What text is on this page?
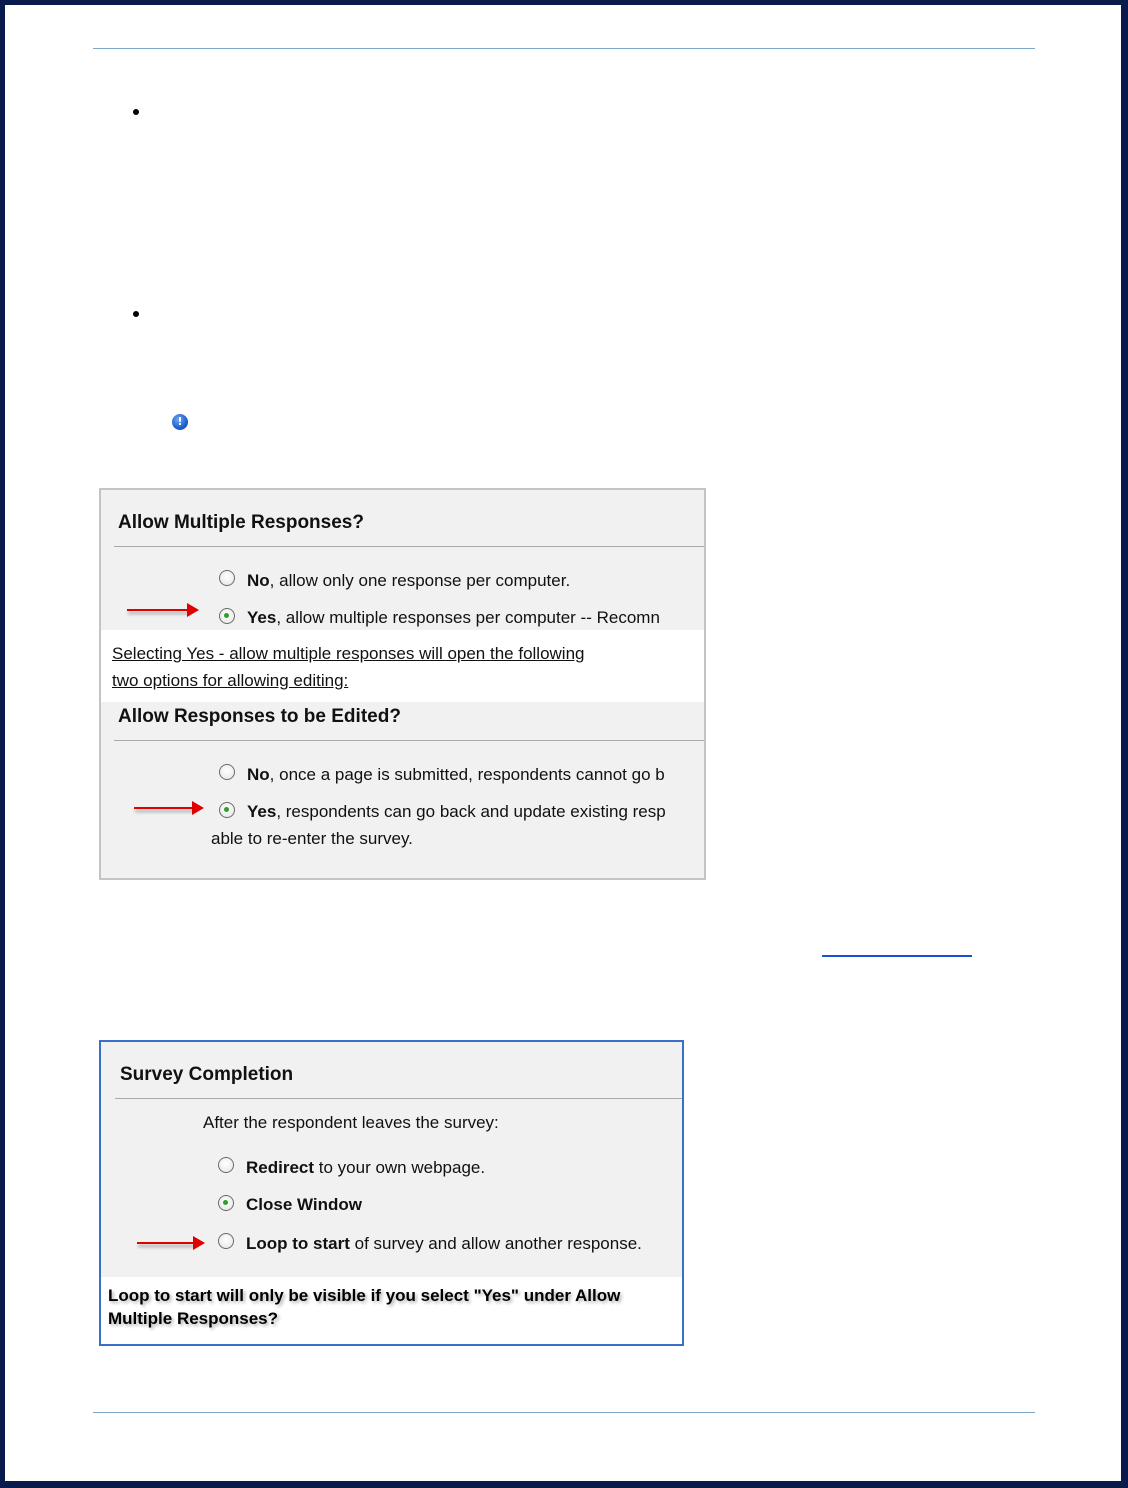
!
Allow Multiple Responses?
No, allow only one response per computer.
Yes, allow multiple responses per computer -- Recomn
Selecting Yes - allow multiple responses will open the following
two options for allowing editing:
Allow Responses to be Edited?
No, once a page is submitted, respondents cannot go b
Yes, respondents can go back and update existing resp
able to re-enter the survey.
Survey Completion
After the respondent leaves the survey:
Redirect to your own webpage.
Close Window
Loop to start of survey and allow another response.
Loop to start will only be visible if you select "Yes" under Allow
Multiple Responses?
